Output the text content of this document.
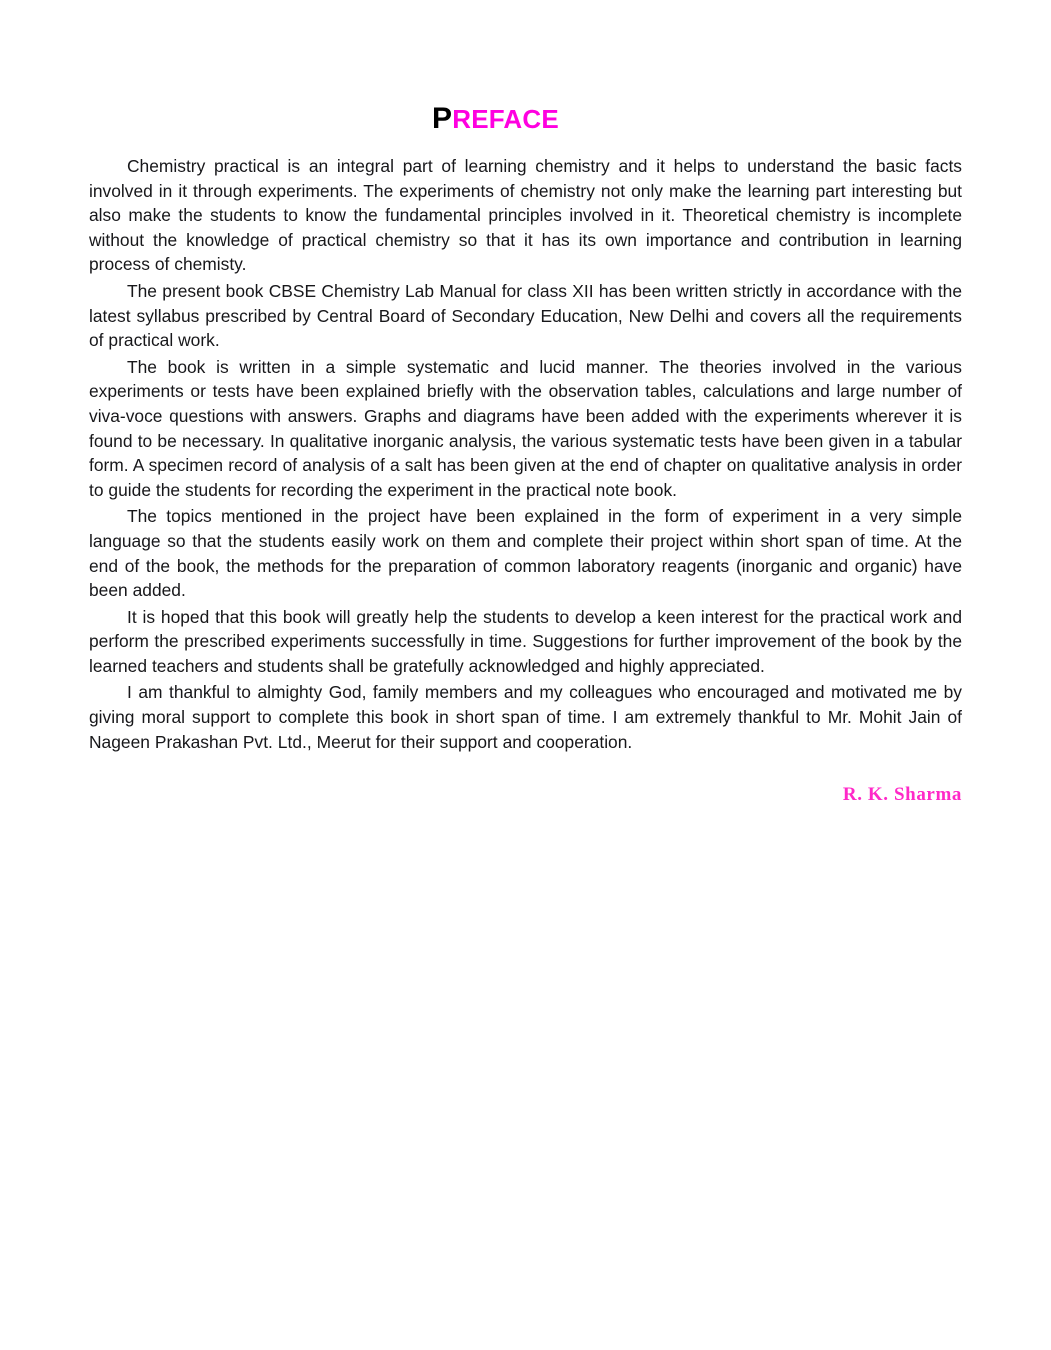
PREFACE

Chemistry practical is an integral part of learning chemistry and it helps to understand the basic facts involved in it through experiments. The experiments of chemistry not only make the learning part interesting but also make the students to know the fundamental principles involved in it. Theoretical chemistry is incomplete without the knowledge of practical chemistry so that it has its own importance and contribution in learning process of chemisty.

The present book CBSE Chemistry Lab Manual for class XII has been written strictly in accordance with the latest syllabus prescribed by Central Board of Secondary Education, New Delhi and covers all the requirements of practical work.

The book is written in a simple systematic and lucid manner. The theories involved in the various experiments or tests have been explained briefly with the observation tables, calculations and large number of viva-voce questions with answers. Graphs and diagrams have been added with the experiments wherever it is found to be necessary. In qualitative inorganic analysis, the various systematic tests have been given in a tabular form. A specimen record of analysis of a salt has been given at the end of chapter on qualitative analysis in order to guide the students for recording the experiment in the practical note book.

The topics mentioned in the project have been explained in the form of experiment in a very simple language so that the students easily work on them and complete their project within short span of time. At the end of the book, the methods for the preparation of common laboratory reagents (inorganic and organic) have been added.

It is hoped that this book will greatly help the students to develop a keen interest for the practical work and perform the prescribed experiments successfully in time. Suggestions for further improvement of the book by the learned teachers and students shall be gratefully acknowledged and highly appreciated.

I am thankful to almighty God, family members and my colleagues who encouraged and motivated me by giving moral support to complete this book in short span of time. I am extremely thankful to Mr. Mohit Jain of Nageen Prakashan Pvt. Ltd., Meerut for their support and cooperation.

R. K. Sharma
